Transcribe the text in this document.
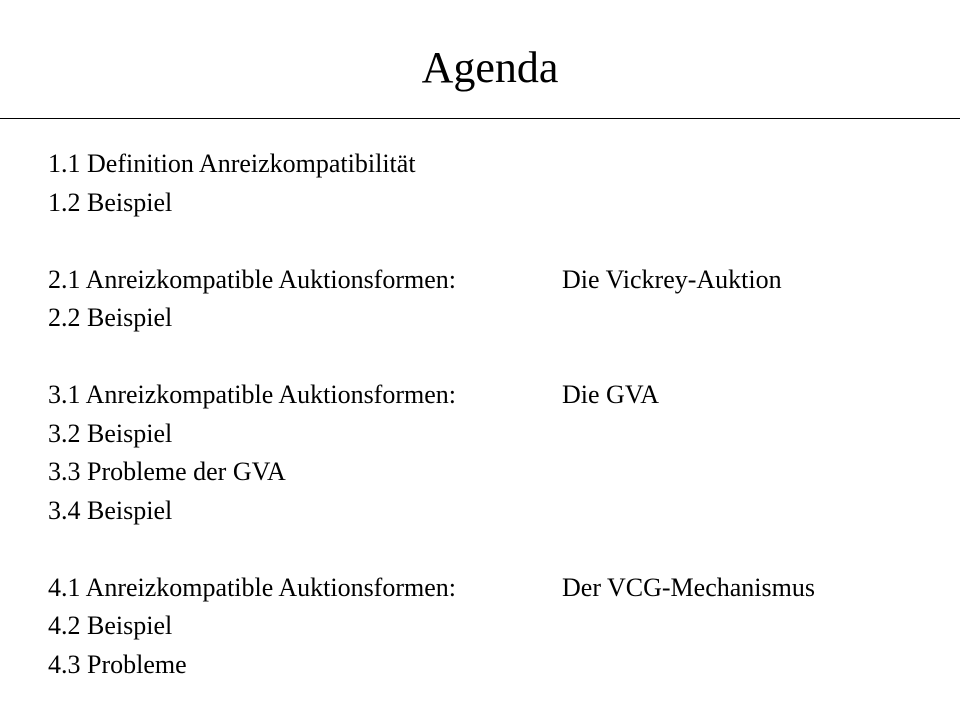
Agenda
1.1 Definition Anreizkompatibilität
1.2 Beispiel
2.1 Anreizkompatible Auktionsformen:	Die Vickrey-Auktion
2.2 Beispiel
3.1 Anreizkompatible Auktionsformen:	Die GVA
3.2 Beispiel
3.3 Probleme der GVA
3.4 Beispiel
4.1 Anreizkompatible Auktionsformen:	Der VCG-Mechanismus
4.2 Beispiel
4.3 Probleme
